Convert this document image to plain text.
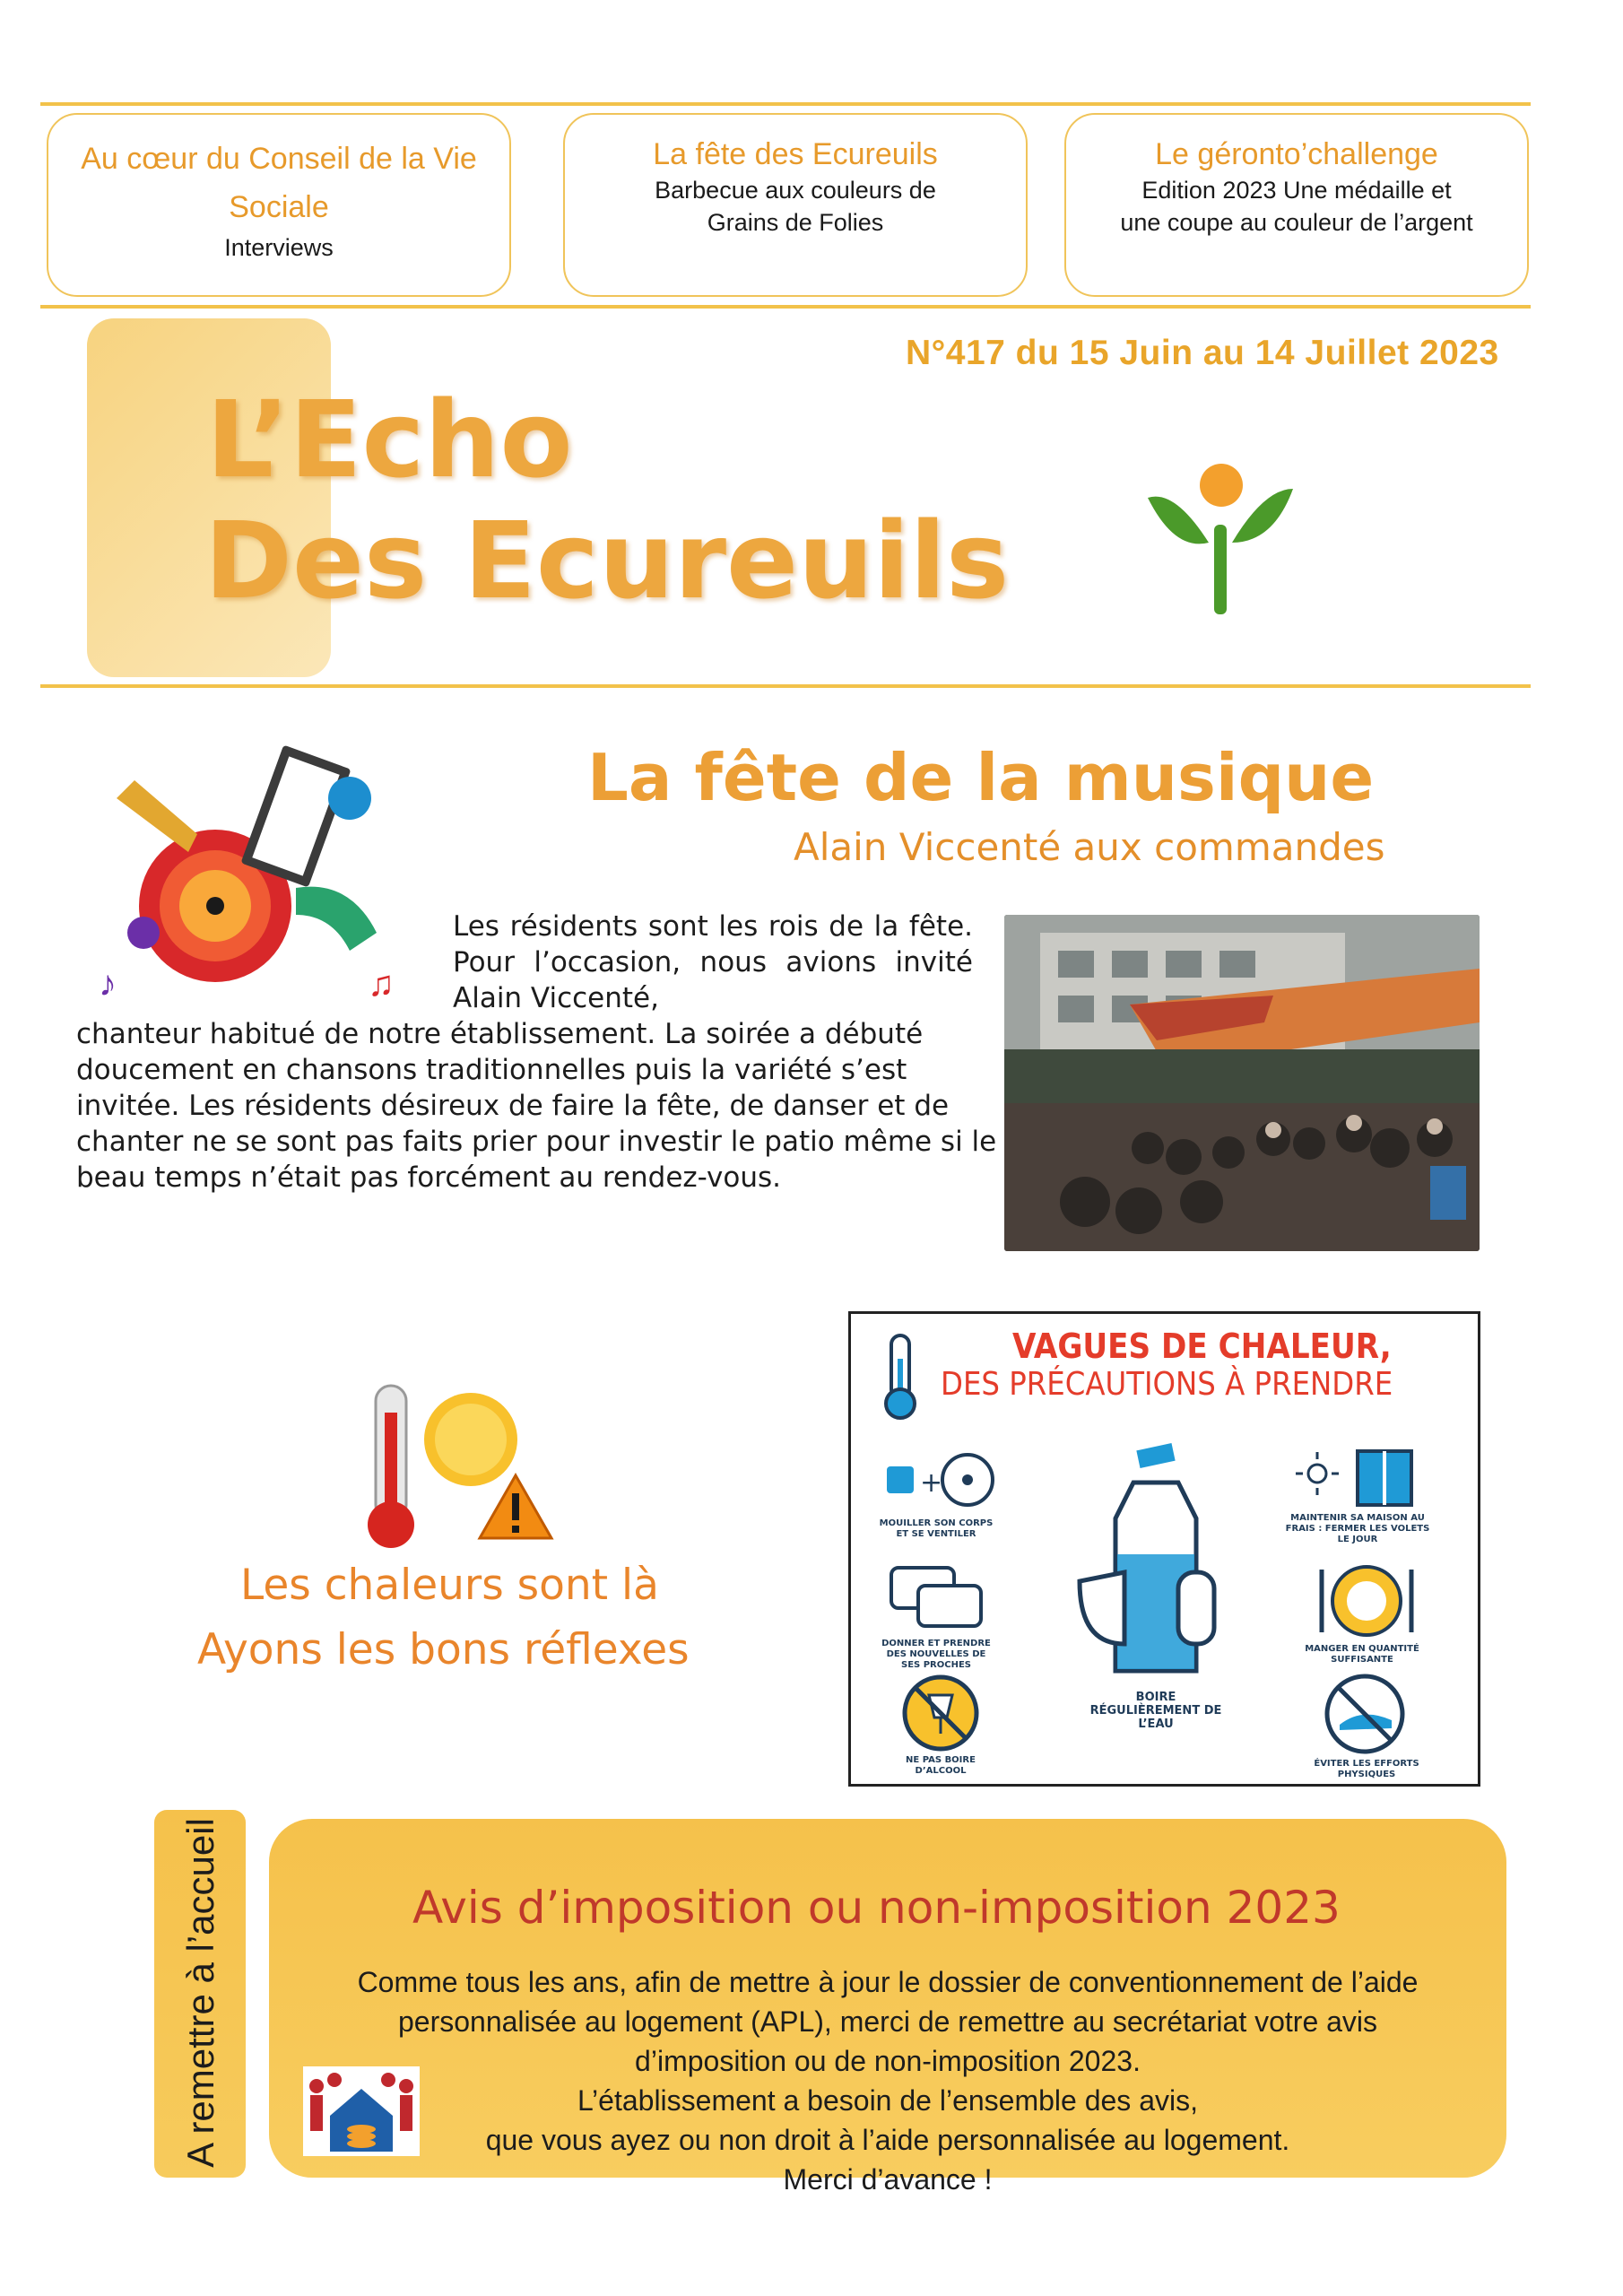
Au cœur du Conseil de la Vie Sociale
Interviews
La fête des Ecureuils
Barbecue aux couleurs de Grains de Folies
Le géronto’challenge
Edition 2023 Une médaille et une coupe au couleur de l’argent
N°417 du 15 Juin au 14 Juillet 2023
L’Echo
Des Ecureuils
♪	♫
La fête de la musique
Alain Viccenté aux commandes
Les résidents sont les rois de la fête. Pour l’occasion, nous avions invité Alain Viccenté,
chanteur habitué de notre établissement. La soirée a débuté doucement en chansons traditionnelles puis la variété s’est invitée. Les résidents désireux de faire la fête, de danser et de chanter ne se sont pas faits prier pour investir le patio même si le beau temps n’était pas forcément au rendez-vous.
Les chaleurs sont là
Ayons les bons réflexes
VAGUES DE CHALEUR,
DES PRÉCAUTIONS À PRENDRE
+
MOUILLER SON CORPS ET SE VENTILER
DONNER ET PRENDRE DES NOUVELLES DE SES PROCHES
NE PAS BOIRE D’ALCOOL
BOIRE RÉGULIÈREMENT DE L’EAU
MAINTENIR SA MAISON AU FRAIS : FERMER LES VOLETS LE JOUR
MANGER EN QUANTITÉ SUFFISANTE
ÉVITER LES EFFORTS PHYSIQUES
A remettre à l’accueil	Avis d’imposition ou non-imposition 2023
Comme tous les ans, afin de mettre à jour le dossier de conventionnement de l’aide
personnalisée au logement (APL), merci de remettre au secrétariat votre avis
d’imposition ou de non-imposition 2023.
L’établissement a besoin de l’ensemble des avis,
que vous ayez ou non droit à l’aide personnalisée au logement.
Merci d’avance !
